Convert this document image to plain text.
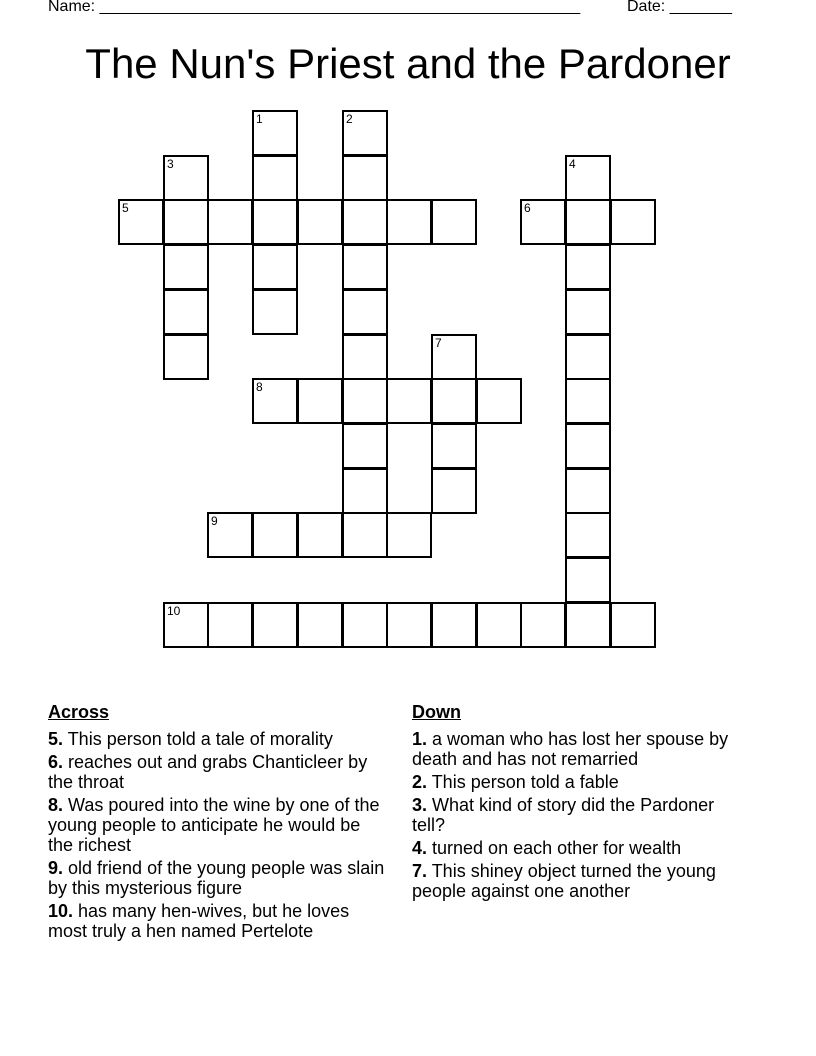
Name: ______________________________________________________	Date: _______
The Nun's Priest and the Pardoner
1	2
3	4
5	6
7
8
9
10
Across
5. This person told a tale of morality
6. reaches out and grabs Chanticleer by the throat
8. Was poured into the wine by one of the young people to anticipate he would be the richest
9. old friend of the young people was slain by this mysterious figure
10. has many hen-wives, but he loves most truly a hen named Pertelote
Down
1. a woman who has lost her spouse by death and has not remarried
2. This person told a fable
3. What kind of story did the Pardoner tell?
4. turned on each other for wealth
7. This shiney object turned the young people against one another
